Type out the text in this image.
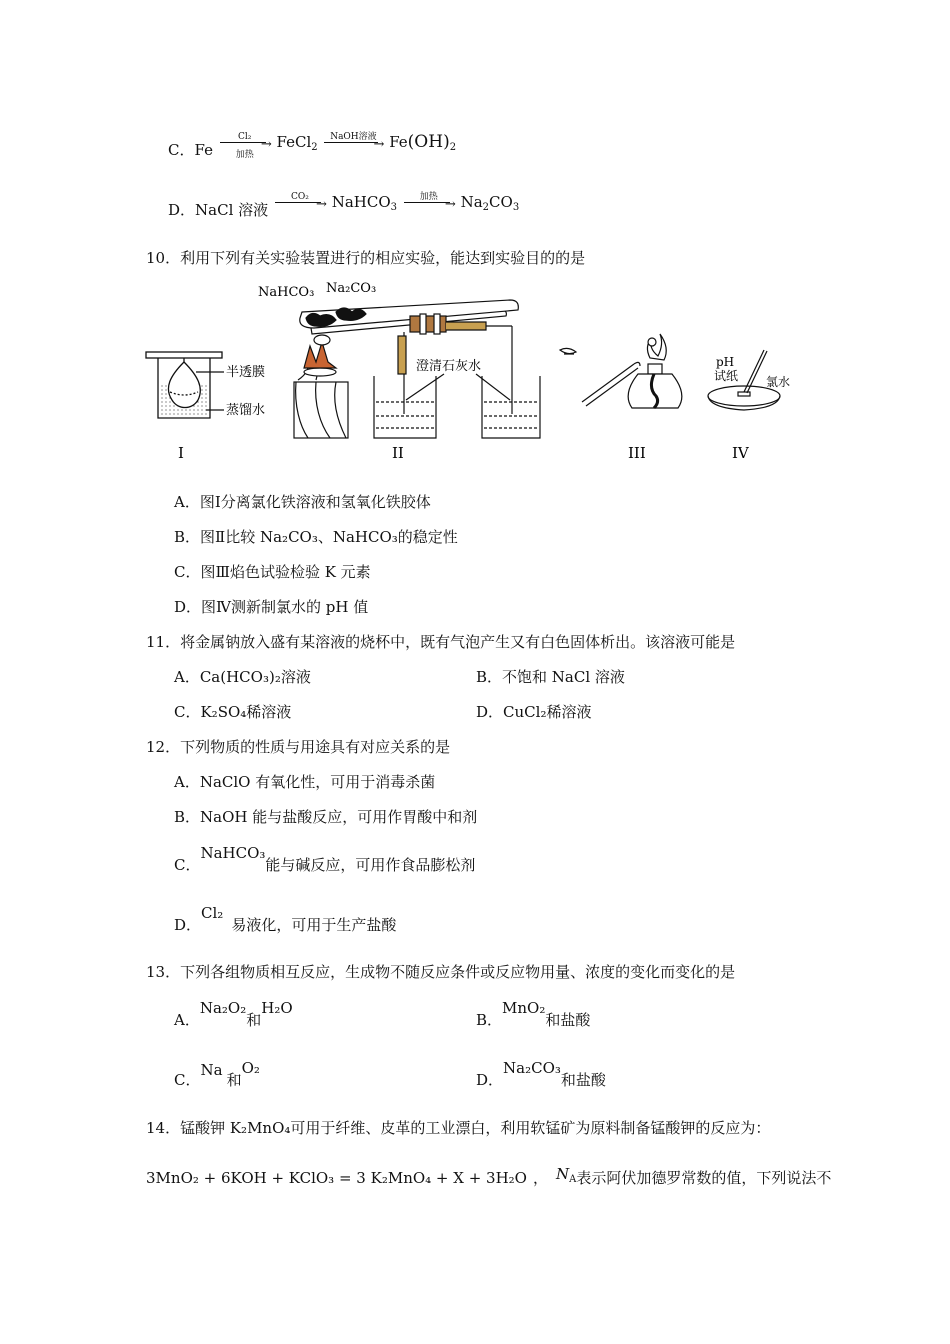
C．Fe
Cl₂ →
加热
FeCl$_2$
NaOH溶液
→ $Fe(OH)_2$
D．NaCl 溶液
CO₂ → NaHCO$_3$
加热 → $Na_2CO_3$
10．利用下列有关实验装置进行的相应实验，能达到实验目的的是
半透膜
蒸馏水
I
NaHCO₃ Na₂CO₃
澄清石灰水
II	III
pH
试纸 氯水
IV
A．图Ⅰ分离氯化铁溶液和氢氧化铁胶体
B．图Ⅱ比较 Na₂CO₃、NaHCO₃的稳定性
C．图Ⅲ焰色试验检验 K 元素
D．图Ⅳ测新制氯水的 pH 值
11．将金属钠放入盛有某溶液的烧杯中，既有气泡产生又有白色固体析出。该溶液可能是
A．Ca(HCO₃)₂溶液	B．不饱和 NaCl 溶液
C．K₂SO₄稀溶液	D．CuCl₂稀溶液
12．下列物质的性质与用途具有对应关系的是
A．NaClO 有氧化性，可用于消毒杀菌
B．NaOH 能与盐酸反应，可用作胃酸中和剂
C．NaHCO₃能与碱反应，可用作食品膨松剂
D．Cl₂易液化，可用于生产盐酸
13．下列各组物质相互反应，生成物不随反应条件或反应物用量、浓度的变化而变化的是
A．Na₂O₂和H₂O
B．MnO₂和盐酸
C．Na和O₂
D．Na₂CO₃和盐酸
14．锰酸钾 K₂MnO₄可用于纤维、皮革的工业漂白，利用软锰矿为原料制备锰酸钾的反应为：
3MnO₂ + 6KOH + KClO₃ = 3 K₂MnO₄ + X + 3H₂O ， $N_A$表示阿伏加德罗常数的值，下列说法不
